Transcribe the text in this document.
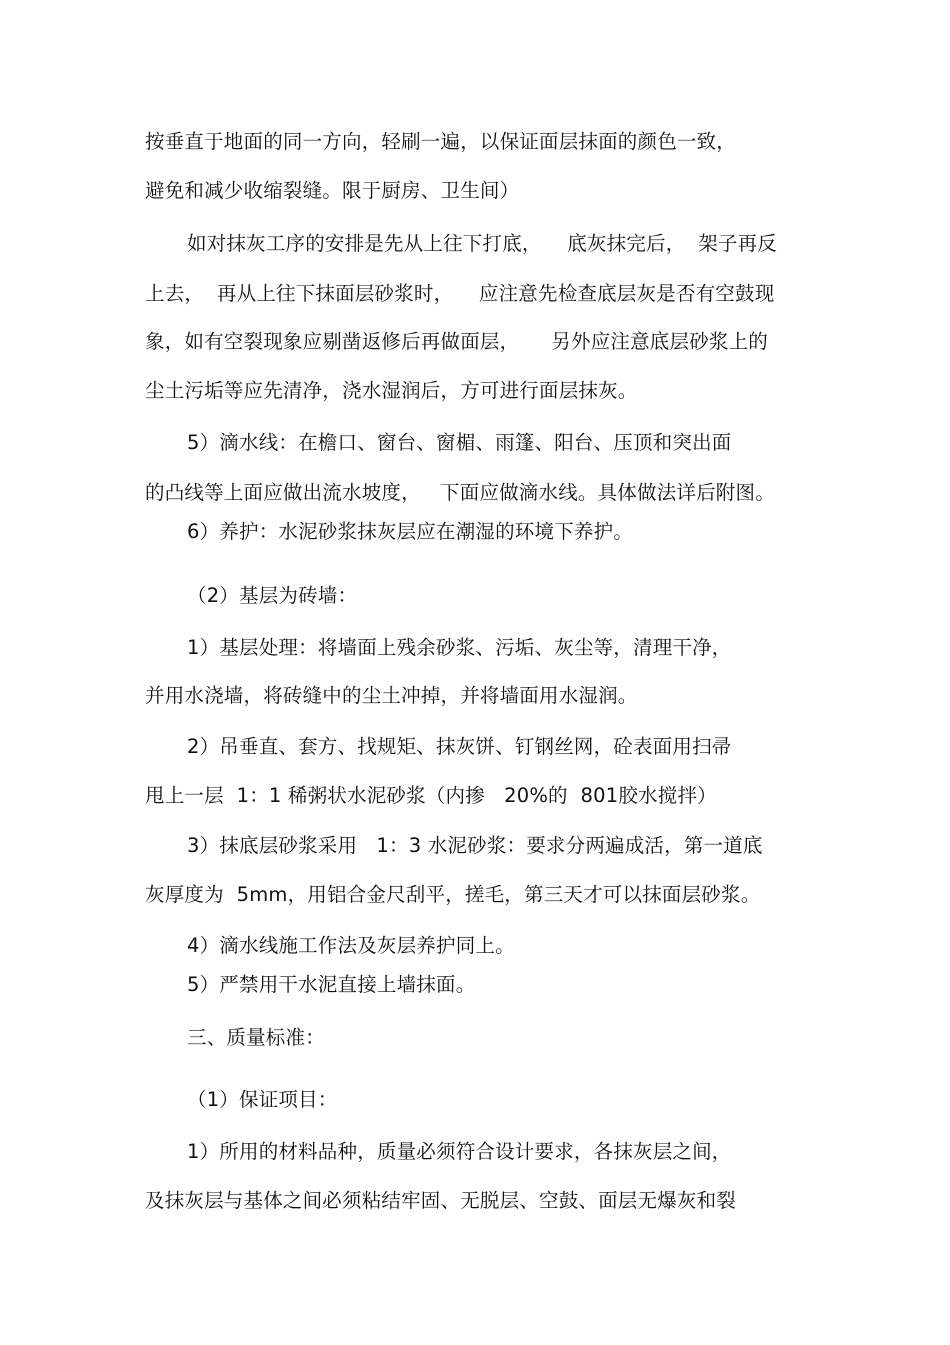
按垂直于地面的同一方向，轻刷一遍，以保证面层抹面的颜色一致，
避免和减少收缩裂缝。限于厨房、卫生间）
如对抹灰工序的安排是先从上往下打底，    底灰抹完后，  架子再反
上去，  再从上往下抹面层砂浆时，    应注意先检查底层灰是否有空鼓现
象，如有空裂现象应剔凿返修后再做面层，     另外应注意底层砂浆上的
尘土污垢等应先清净，浇水湿润后，方可进行面层抹灰。
5）滴水线：在檐口、窗台、窗楣、雨篷、阳台、压顶和突出面
的凸线等上面应做出流水坡度，   下面应做滴水线。具体做法详后附图。
6）养护：水泥砂浆抹灰层应在潮湿的环境下养护。
（2）基层为砖墙：
1）基层处理：将墙面上残余砂浆、污垢、灰尘等，清理干净，
并用水浇墙，将砖缝中的尘土冲掉，并将墙面用水湿润。
2）吊垂直、套方、找规矩、抹灰饼、钉钢丝网，砼表面用扫帚
甩上一层  1：1 稀粥状水泥砂浆（内掺   20%的  801胶水搅拌）
3）抹底层砂浆采用   1：3 水泥砂浆：要求分两遍成活，第一道底
灰厚度为  5mm，用铝合金尺刮平，搓毛，第三天才可以抹面层砂浆。
4）滴水线施工作法及灰层养护同上。
5）严禁用干水泥直接上墙抹面。
三、质量标准：
（1）保证项目：
1）所用的材料品种，质量必须符合设计要求，各抹灰层之间，
及抹灰层与基体之间必须粘结牢固、无脱层、空鼓、面层无爆灰和裂
